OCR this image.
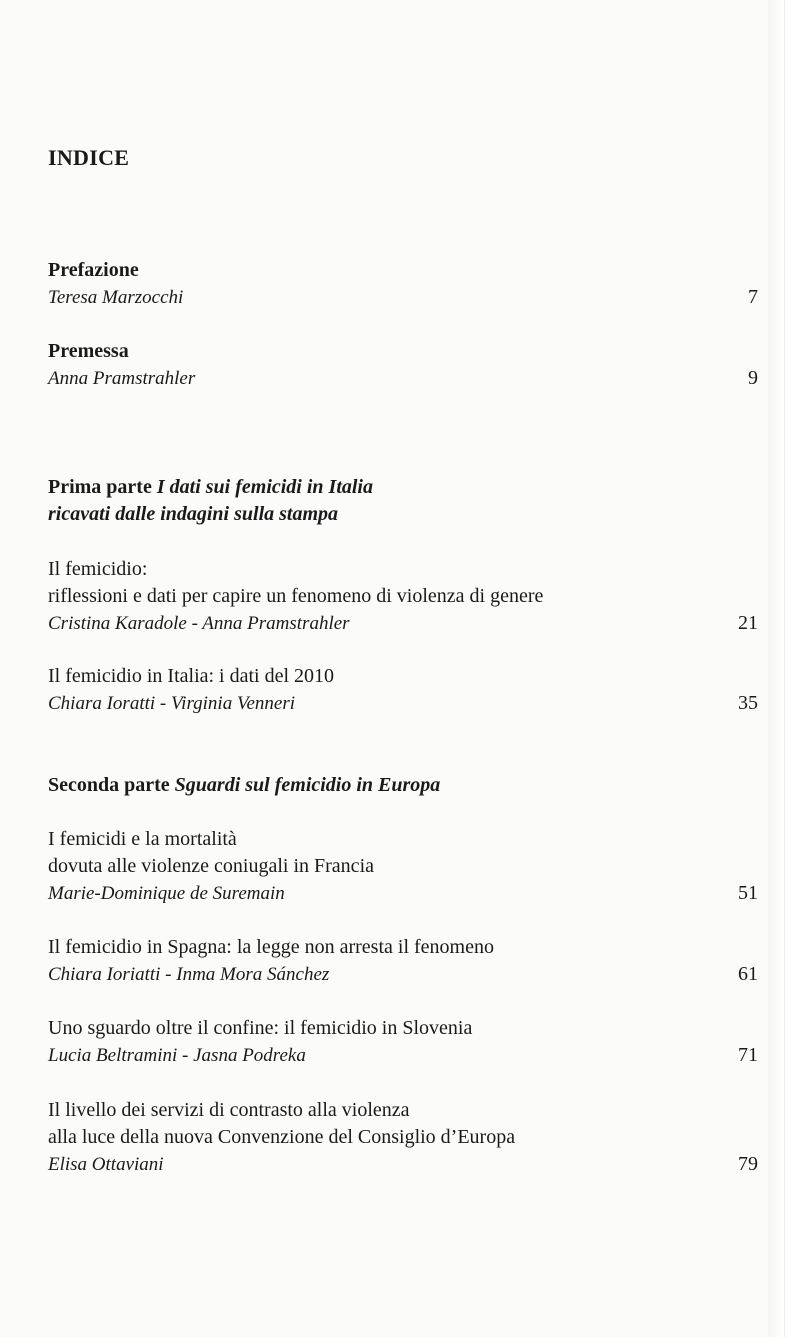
INDICE
Prefazione
Teresa Marzocchi	7
Premessa
Anna Pramstrahler	9
Prima parte I dati sui femicidi in Italia
ricavati dalle indagini sulla stampa
Il femicidio:
riflessioni e dati per capire un fenomeno di violenza di genere
Cristina Karadole - Anna Pramstrahler	21
Il femicidio in Italia: i dati del 2010
Chiara Ioratti - Virginia Venneri	35
Seconda parte Sguardi sul femicidio in Europa
I femicidi e la mortalità
dovuta alle violenze coniugali in Francia
Marie-Dominique de Suremain	51
Il femicidio in Spagna: la legge non arresta il fenomeno
Chiara Ioriatti - Inma Mora Sánchez	61
Uno sguardo oltre il confine: il femicidio in Slovenia
Lucia Beltramini - Jasna Podreka	71
Il livello dei servizi di contrasto alla violenza
alla luce della nuova Convenzione del Consiglio d’Europa
Elisa Ottaviani	79
